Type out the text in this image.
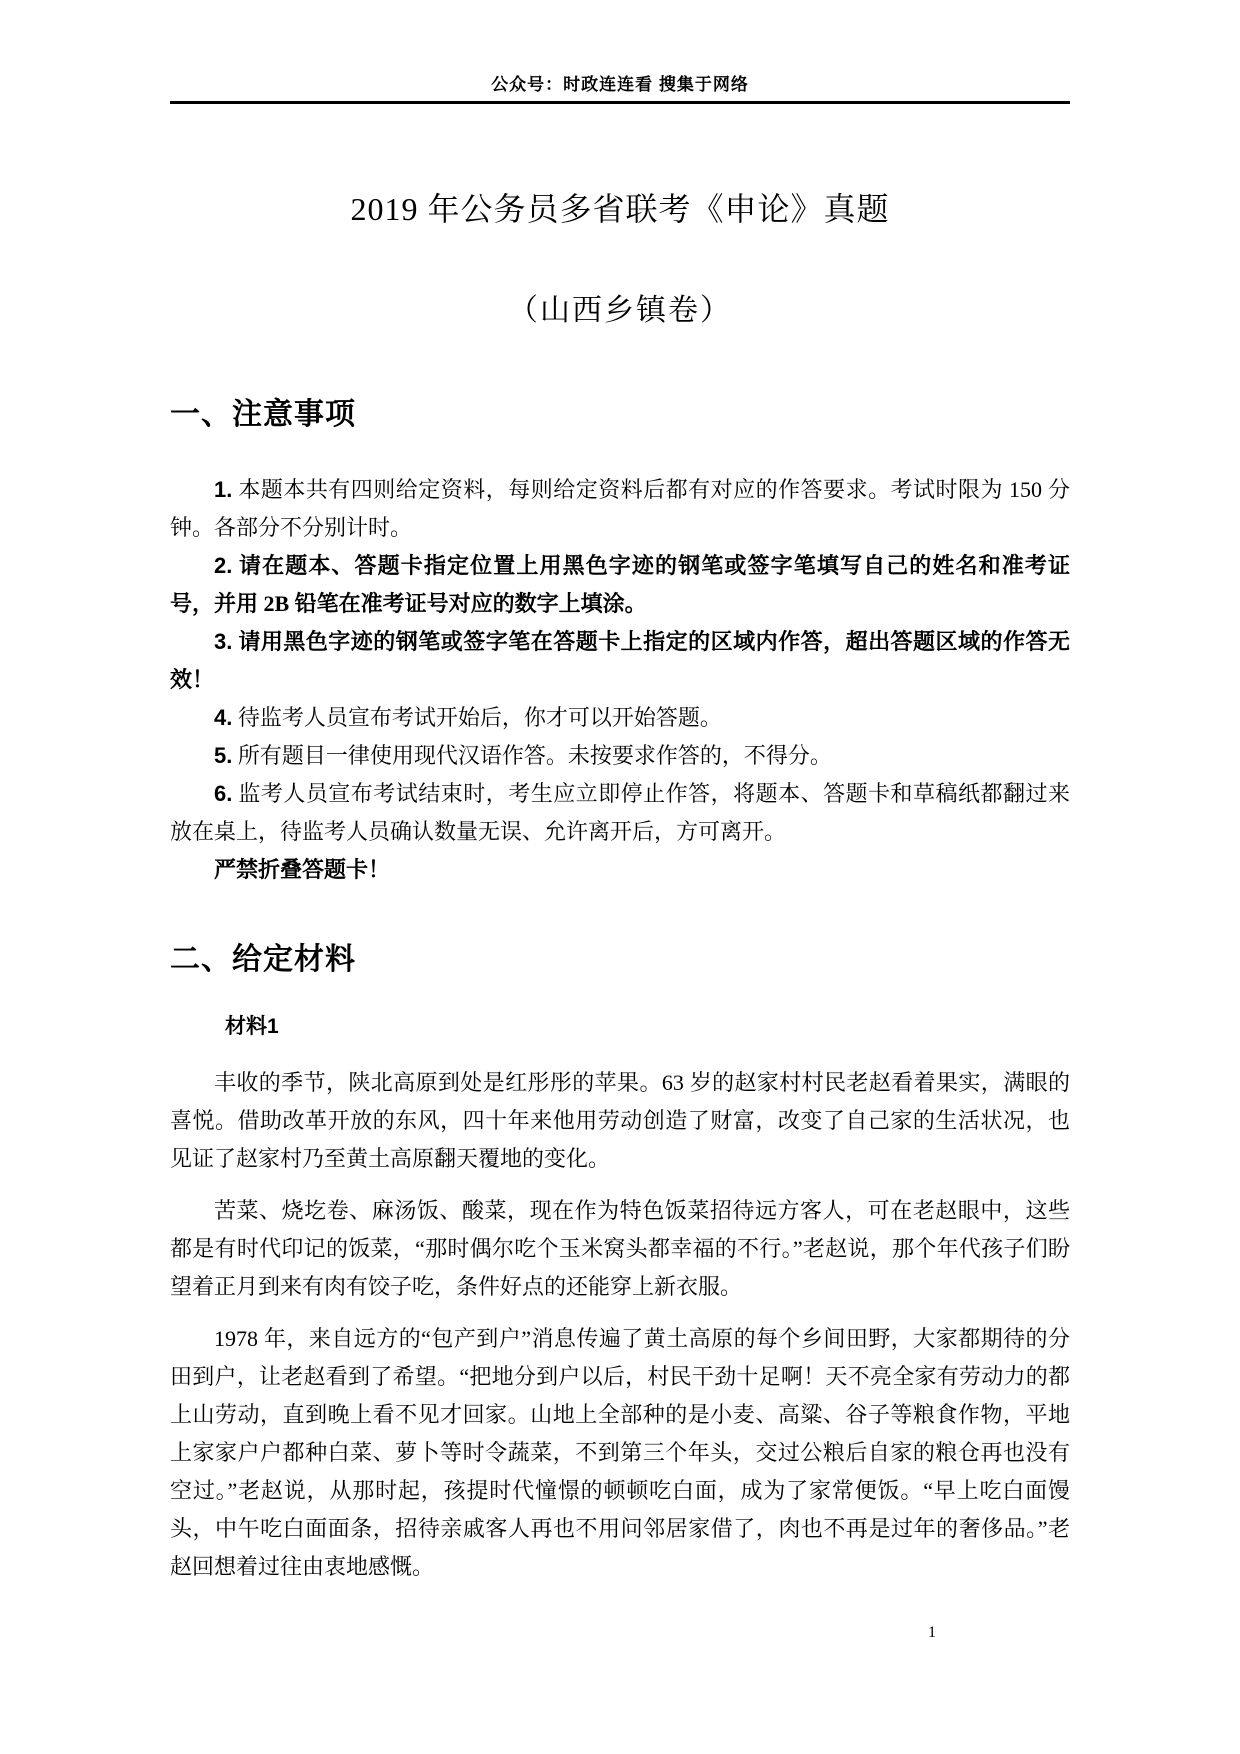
公众号：时政连连看 搜集于网络
2019 年公务员多省联考《申论》真题
（山西乡镇卷）
一、注意事项

1. 本题本共有四则给定资料，每则给定资料后都有对应的作答要求。考试时限为 150 分钟。各部分不分别计时。

2. 请在题本、答题卡指定位置上用黑色字迹的钢笔或签字笔填写自己的姓名和准考证号，并用 2B 铅笔在准考证号对应的数字上填涂。

3. 请用黑色字迹的钢笔或签字笔在答题卡上指定的区域内作答，超出答题区域的作答无效！

4. 待监考人员宣布考试开始后，你才可以开始答题。

5. 所有题目一律使用现代汉语作答。未按要求作答的，不得分。

6. 监考人员宣布考试结束时，考生应立即停止作答，将题本、答题卡和草稿纸都翻过来放在桌上，待监考人员确认数量无误、允许离开后，方可离开。

严禁折叠答题卡！

二、给定材料
材料1

丰收的季节，陕北高原到处是红彤彤的苹果。63 岁的赵家村村民老赵看着果实，满眼的喜悦。借助改革开放的东风，四十年来他用劳动创造了财富，改变了自己家的生活状况，也见证了赵家村乃至黄土高原翻天覆地的变化。

苦菜、烧圪卷、麻汤饭、酸菜，现在作为特色饭菜招待远方客人，可在老赵眼中，这些都是有时代印记的饭菜，“那时偶尔吃个玉米窝头都幸福的不行。”老赵说，那个年代孩子们盼望着正月到来有肉有饺子吃，条件好点的还能穿上新衣服。

1978 年，来自远方的“包产到户”消息传遍了黄土高原的每个乡间田野，大家都期待的分田到户，让老赵看到了希望。“把地分到户以后，村民干劲十足啊！天不亮全家有劳动力的都上山劳动，直到晚上看不见才回家。山地上全部种的是小麦、高粱、谷子等粮食作物，平地上家家户户都种白菜、萝卜等时令蔬菜，不到第三个年头，交过公粮后自家的粮仓再也没有空过。”老赵说，从那时起，孩提时代憧憬的顿顿吃白面，成为了家常便饭。“早上吃白面馒头，中午吃白面面条，招待亲戚客人再也不用问邻居家借了，肉也不再是过年的奢侈品。”老赵回想着过往由衷地感慨。

1
